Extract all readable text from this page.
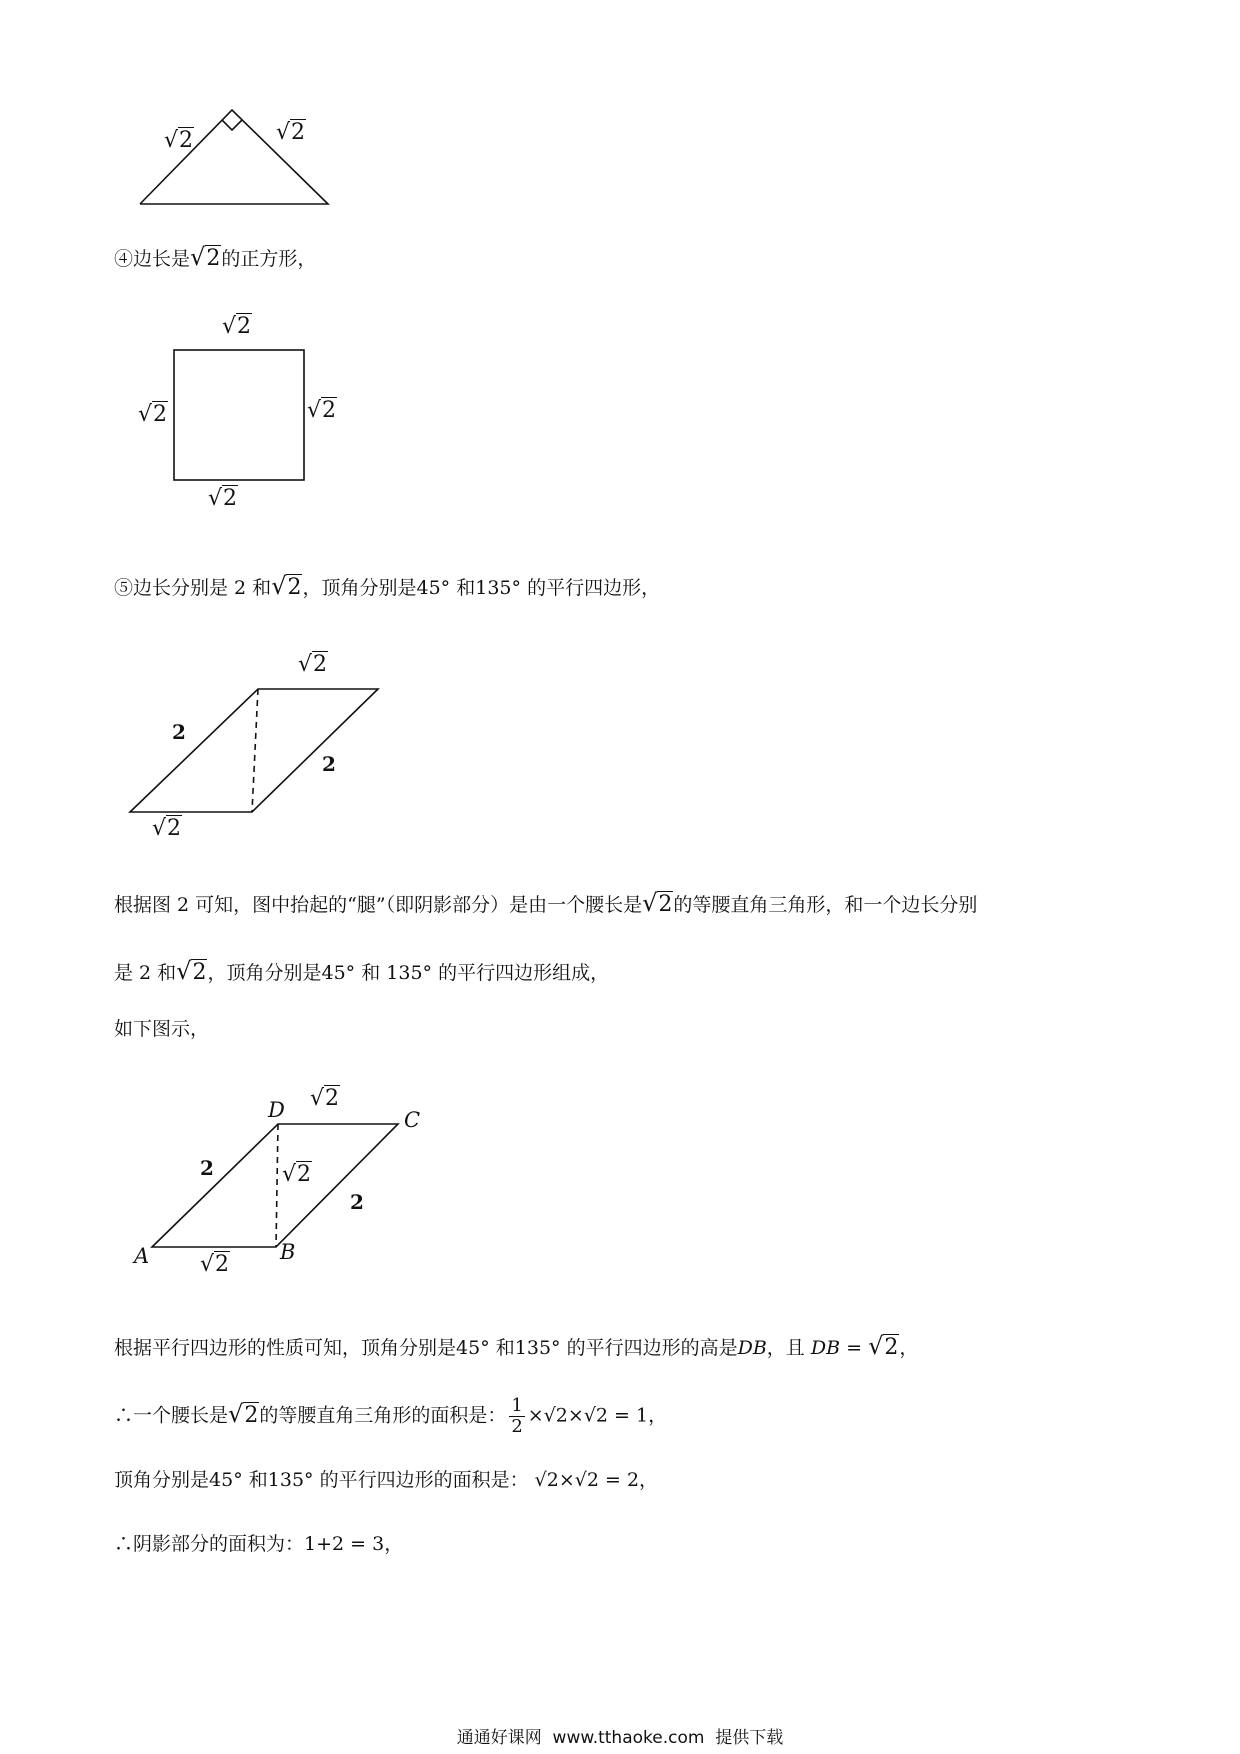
√2	√2
④边长是√2的正方形，
√2
√2	√2
√2
⑤边长分别是 2 和√2，顶角分别是45° 和135° 的平行四边形，
√2
2
2
√2
根据图 2 可知，图中抬起的“腿”（即阴影部分）是由一个腰长是√2的等腰直角三角形，和一个边长分别
是 2 和√2，顶角分别是45° 和 135° 的平行四边形组成，
如下图示，
D	C
A	B
√2
2	√2
2
√2
根据平行四边形的性质可知，顶角分别是45° 和135° 的平行四边形的高是DB，且 DB = √2，
∴一个腰长是√2的等腰直角三角形的面积是： $\frac{1}{2} \times√2\times√2 = 1$，
顶角分别是45° 和135° 的平行四边形的面积是： √2×√2 = 2，
∴阴影部分的面积为：1+2 = 3，
通通好课网  www.tthaoke.com  提供下载
